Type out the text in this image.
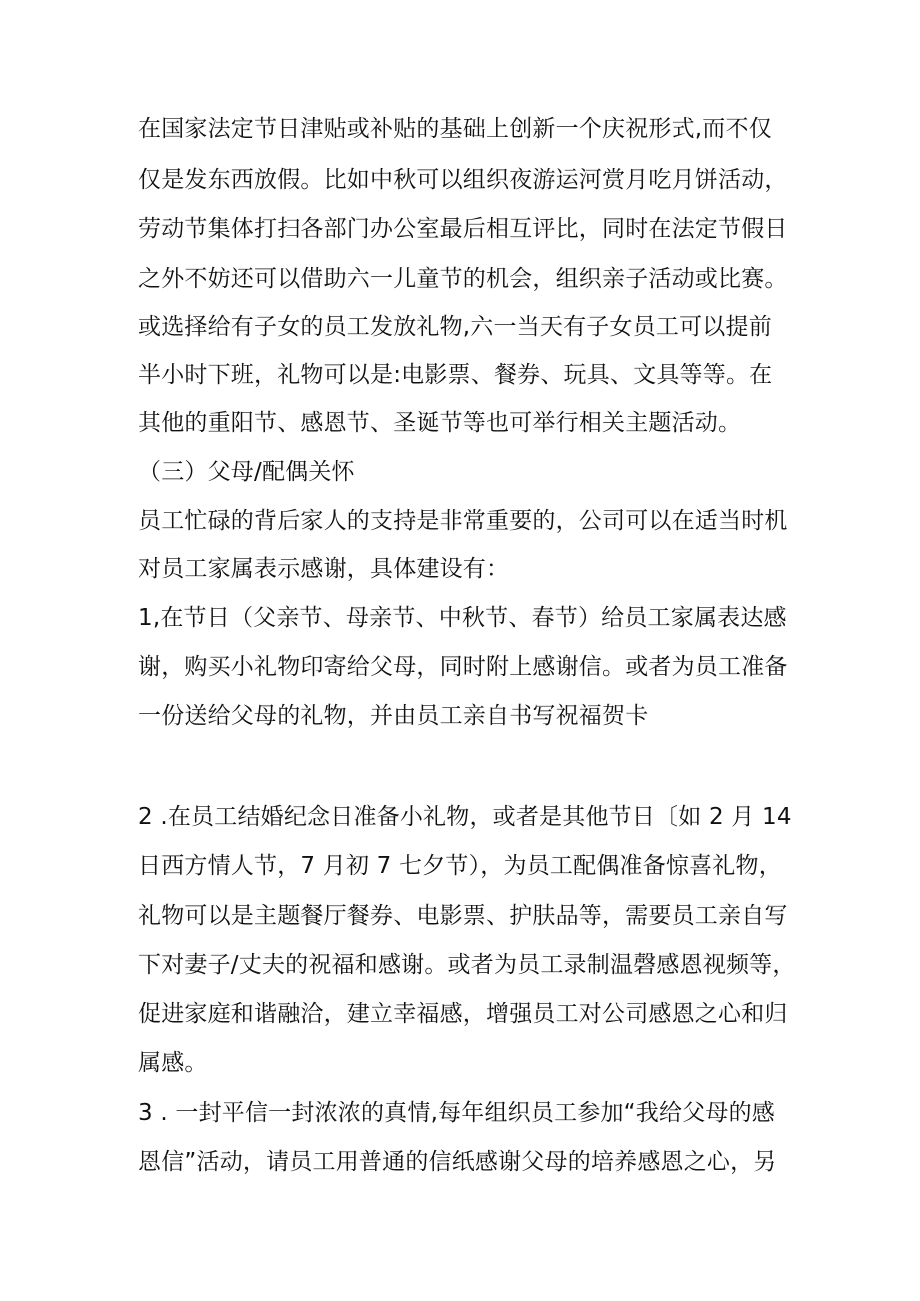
在国家法定节日津贴或补贴的基础上创新一个庆祝形式,而不仅
仅是发东西放假。比如中秋可以组织夜游运河赏月吃月饼活动，
劳动节集体打扫各部门办公室最后相互评比，同时在法定节假日
之外不妨还可以借助六一儿童节的机会，组织亲子活动或比赛。
或选择给有子女的员工发放礼物,六一当天有子女员工可以提前
半小时下班，礼物可以是:电影票、餐券、玩具、文具等等。在
其他的重阳节、感恩节、圣诞节等也可举行相关主题活动。
（三）父母/配偶关怀
员工忙碌的背后家人的支持是非常重要的，公司可以在适当时机
对员工家属表示感谢，具体建设有：
1,在节日（父亲节、母亲节、中秋节、春节）给员工家属表达感
谢，购买小礼物印寄给父母，同时附上感谢信。或者为员工准备
一份送给父母的礼物，并由员工亲自书写祝福贺卡
2 .在员工结婚纪念日准备小礼物，或者是其他节日〔如 2 月 14
日西方情人节，7 月初 7 七夕节），为员工配偶准备惊喜礼物，
礼物可以是主题餐厅餐券、电影票、护肤品等，需要员工亲自写
下对妻子/丈夫的祝福和感谢。或者为员工录制温磬感恩视频等，
促进家庭和谐融洽，建立幸福感，增强员工对公司感恩之心和归
属感。
3 . 一封平信一封浓浓的真情,每年组织员工参加“我给父母的感
恩信”活动，请员工用普通的信纸感谢父母的培养感恩之心，另
